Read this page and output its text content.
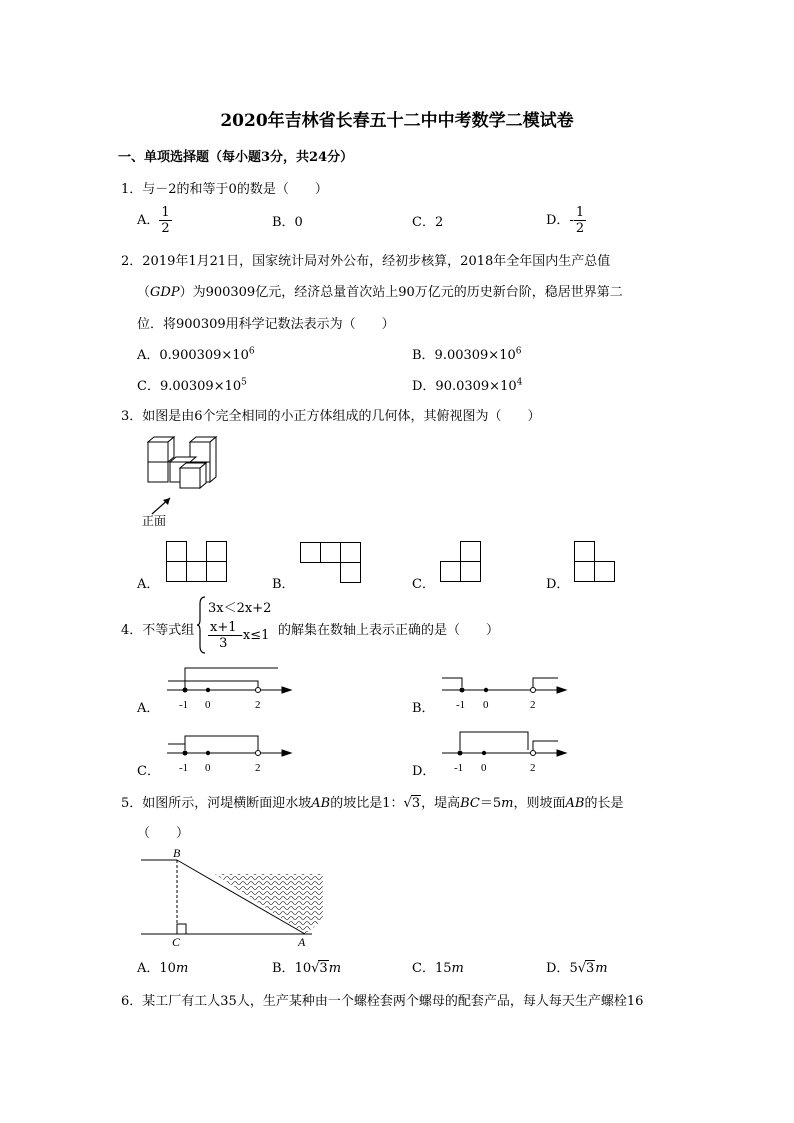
2020年吉林省长春五十二中中考数学二模试卷
一、单项选择题（每小题3分，共24分）
1．与－2的和等于0的数是（　　）
A． $\frac{1}{2}$	B．0	C．2	D．- $\frac{1}{2}$
2．2019年1月21日，国家统计局对外公布，经初步核算，2018年全年国内生产总值
（GDP）为900309亿元，经济总量首次站上90万亿元的历史新台阶，稳居世界第二
位．将900309用科学记数法表示为（　　）
A．$0.900309\times 10^6$	B．$9.00309\times 10^6$
C．$9.00309\times 10^5$	D．$90.0309\times 10^4$
3．如图是由6个完全相同的小正方体组成的几何体，其俯视图为（　　）
正面
A．	B．	C．	D．
4．不等式组
3x＜2x+2
$\frac{x+1}{3} -x\le 1$ 的解集在数轴上表示正确的是（　　）
A． -1 0	2	B． -1 0	2
C． -1 0	2	D． -1 0	2
5．如图所示，河堤横断面迎水坡AB的坡比是1：√3，堤高BC＝5m，则坡面AB的长是
（　　）
B
C	A
A．10m	B．10√3m	C．15m	D．5√3m
6．某工厂有工人35人，生产某种由一个螺栓套两个螺母的配套产品，每人每天生产螺栓16
